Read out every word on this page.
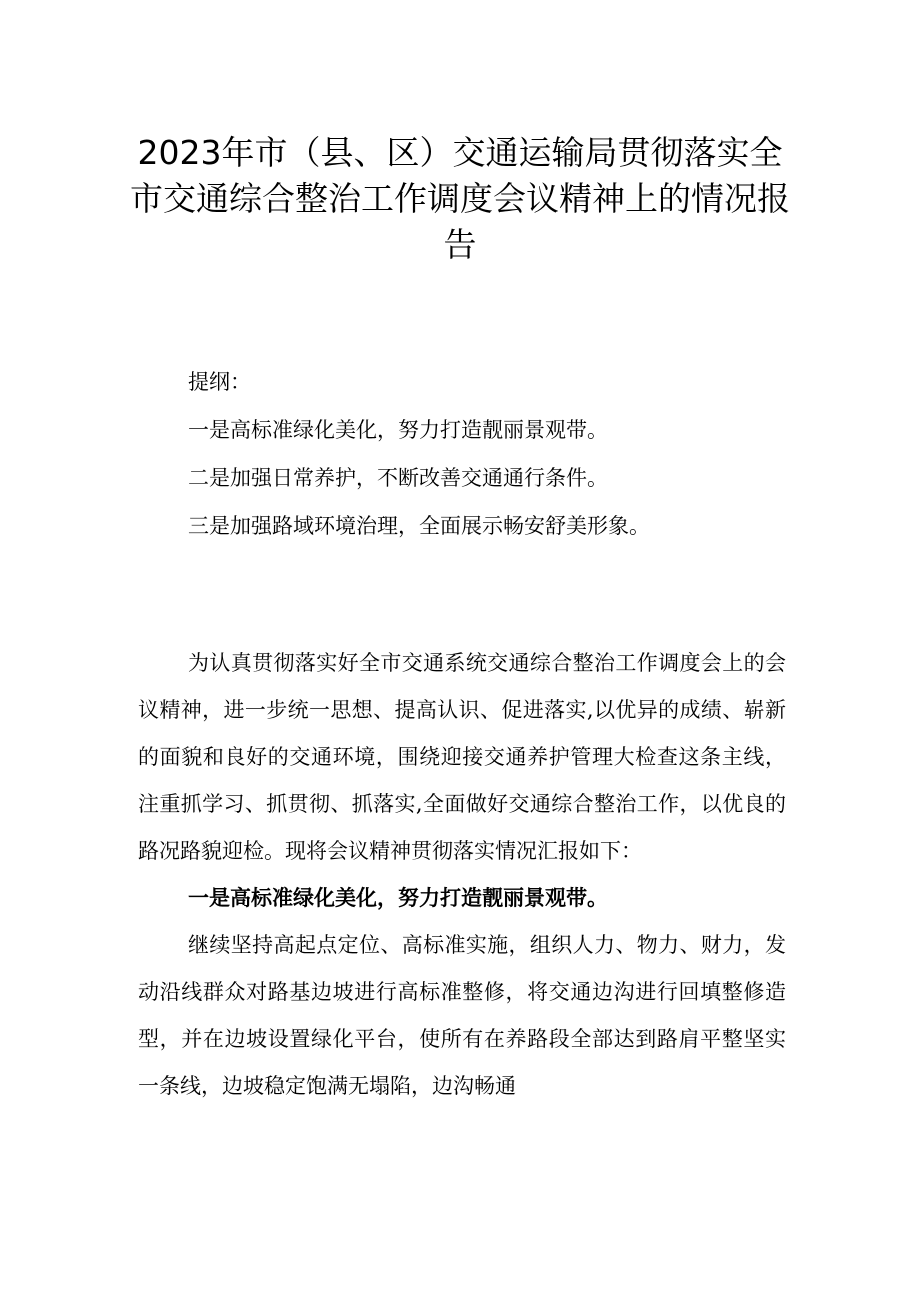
2023年市（县、区）交通运输局贯彻落实全
市交通综合整治工作调度会议精神上的情况报告
提纲：
一是高标准绿化美化，努力打造靓丽景观带。
二是加强日常养护，不断改善交通通行条件。
三是加强路域环境治理，全面展示畅安舒美形象。

为认真贯彻落实好全市交通系统交通综合整治工作调度会上的会议精神，进一步统一思想、提高认识、促进落实,以优异的成绩、崭新的面貌和良好的交通环境，围绕迎接交通养护管理大检查这条主线，注重抓学习、抓贯彻、抓落实,全面做好交通综合整治工作，以优良的路况路貌迎检。现将会议精神贯彻落实情况汇报如下：

一是高标准绿化美化，努力打造靓丽景观带。

继续坚持高起点定位、高标准实施，组织人力、物力、财力，发动沿线群众对路基边坡进行高标准整修，将交通边沟进行回填整修造型，并在边坡设置绿化平台，使所有在养路段全部达到路肩平整坚实一条线，边坡稳定饱满无塌陷，边沟畅通
